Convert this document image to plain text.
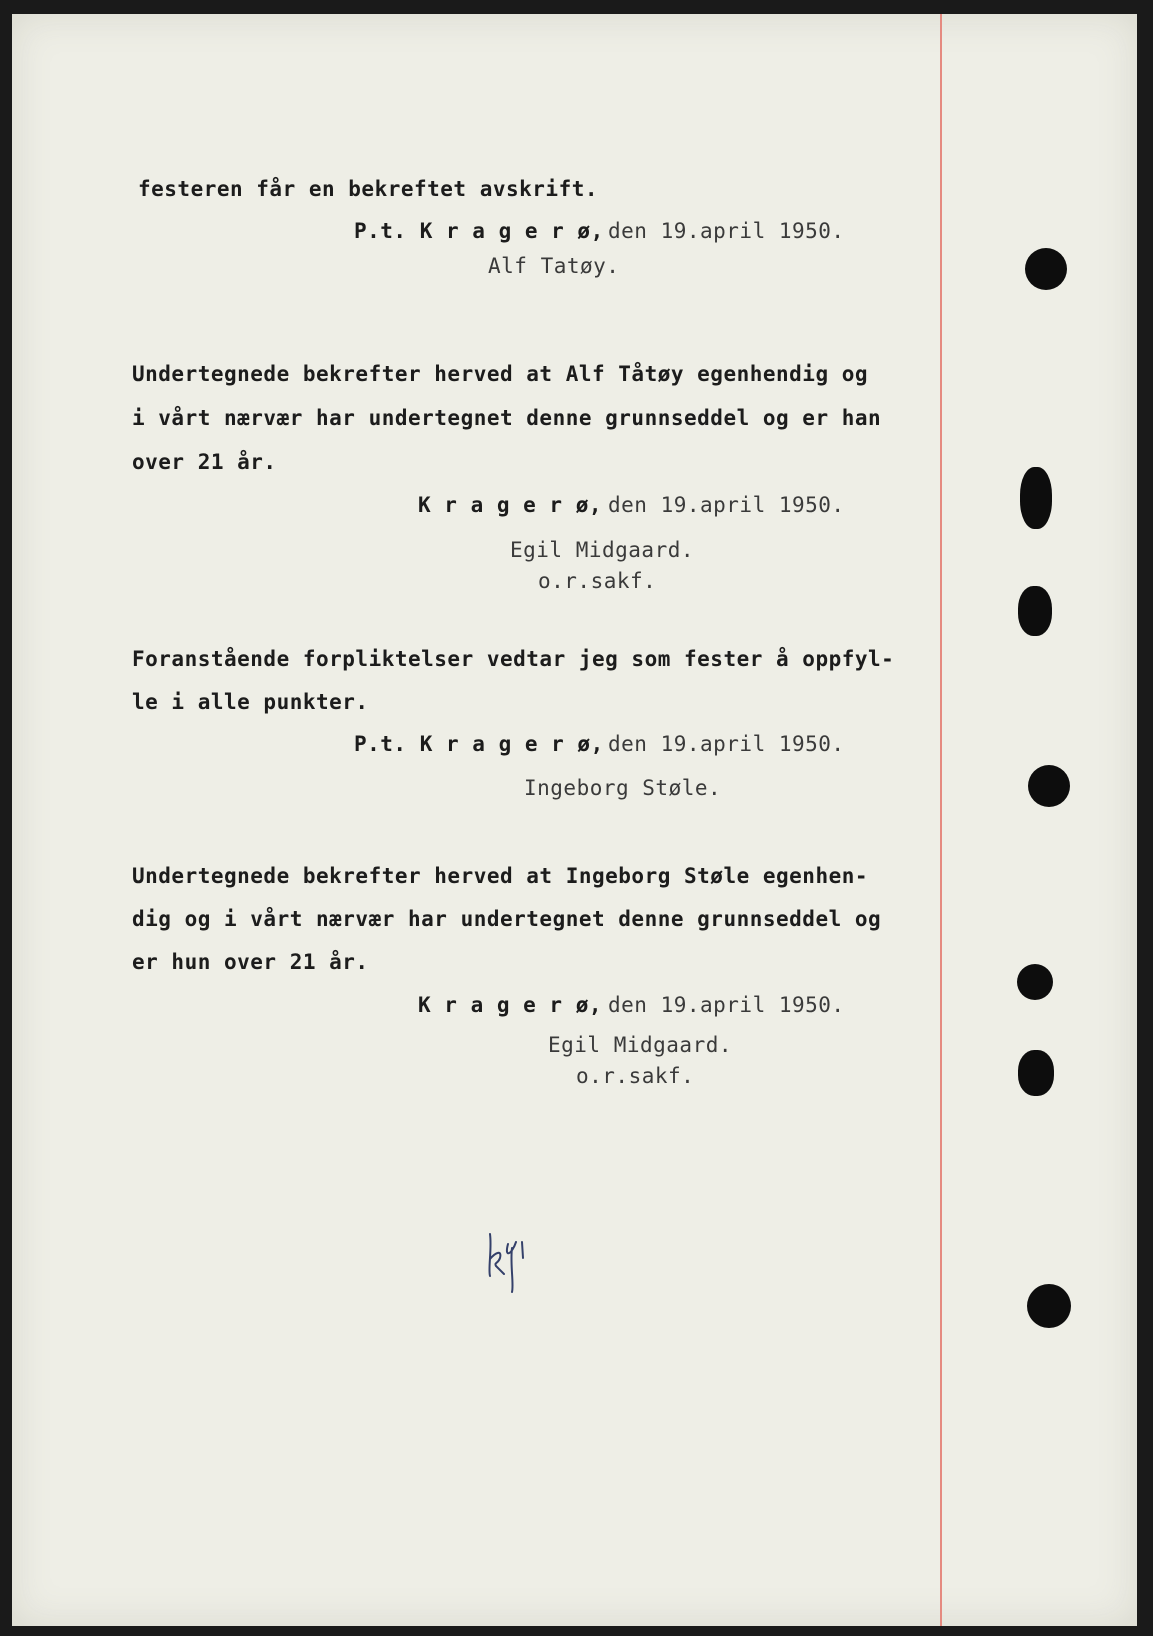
festeren får en bekreftet avskrift.
P.t. K r a g e r ø, den 19.april 1950.
Alf Tatøy.
Undertegnede bekrefter herved at Alf Tåtøy egenhendig og
i vårt nærvær har undertegnet denne grunnseddel og er han
over 21 år.
K r a g e r ø, den 19.april 1950.
Egil Midgaard.
o.r.sakf.
Foranstående forpliktelser vedtar jeg som fester å oppfyl-
le i alle punkter.
P.t. K r a g e r ø, den 19.april 1950.
Ingeborg Støle.
Undertegnede bekrefter herved at Ingeborg Støle egenhen-
dig og i vårt nærvær har undertegnet denne grunnseddel og
er hun over 21 år.
K r a g e r ø, den 19.april 1950.
Egil Midgaard.
o.r.sakf.
